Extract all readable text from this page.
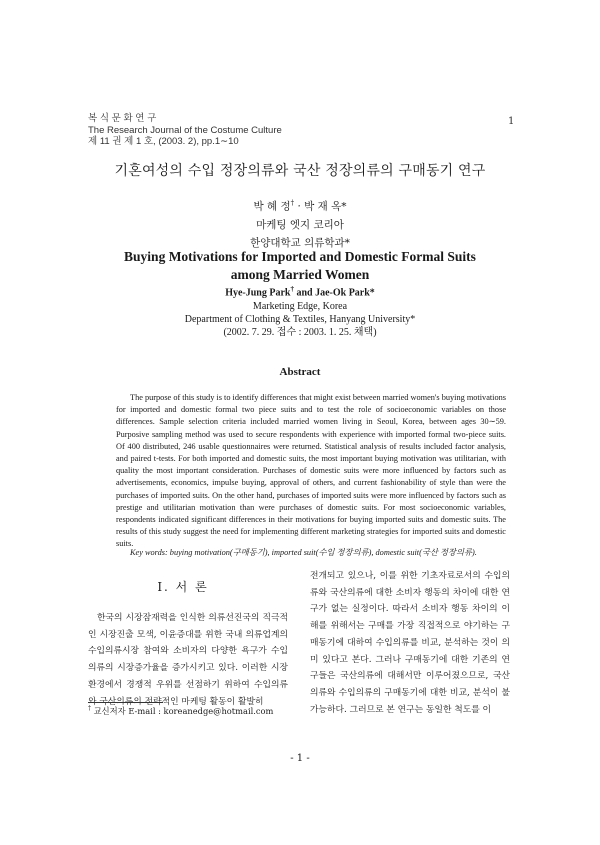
복 식 문 화 연 구
The Research Journal of the Costume Culture
제 11 권 제 1 호, (2003. 2), pp.1∼10
1
기혼여성의 수입 정장의류와 국산 정장의류의 구매동기 연구
박 혜 정† · 박 재 옥*
마케팅 엣지 코리아
한양대학교 의류학과*
Buying Motivations for Imported and Domestic Formal Suits
among Married Women
Hye-Jung Park† and Jae-Ok Park*
Marketing Edge, Korea
Department of Clothing & Textiles, Hanyang University*
(2002. 7. 29. 접수 : 2003. 1. 25. 채택)
Abstract

The purpose of this study is to identify differences that might exist between married women's buying motivations for imported and domestic formal two piece suits and to test the role of socioeconomic variables on those differences. Sample selection criteria included married women living in Seoul, Korea, between ages 30∼59. Purposive sampling method was used to secure respondents with experience with imported formal two-piece suits. Of 400 distributed, 246 usable questionnaires were returned. Statistical analysis of results included factor analysis, and paired t-tests. For both imported and domestic suits, the most important buying motivation was utilitarian, with quality the most important consideration. Purchases of domestic suits were more influenced by factors such as advertisements, economics, impulse buying, approval of others, and current fashionability of style than were the purchases of imported suits. On the other hand, purchases of imported suits were more influenced by factors such as prestige and utilitarian motivation than were purchases of domestic suits. For most socioeconomic variables, respondents indicated significant differences in their motivations for buying imported suits and domestic suits. The results of this study suggest the need for implementing different marketing strategies for imported suits and domestic suits.

Key words: buying motivation(구매동기), imported suit(수입 정장의류), domestic suit(국산 정장의류).

Ⅰ. 서 론

한국의 시장잠재력을 인식한 의류선진국의 직극적인 시장진출 모색, 이윤증대를 위한 국내 의류업계의 수입의류시장 참여와 소비자의 다양한 욕구가 수입의류의 시장증가율을 증가시키고 있다. 이러한 시장환경에서 경쟁적 우위를 선점하기 위하여 수입의류와 국산의류의 전략적인 마케팅 활동이 활발히

전개되고 있으나, 이를 위한 기초자료로서의 수입의류와 국산의류에 대한 소비자 행동의 차이에 대한 연구가 없는 실정이다. 따라서 소비자 행동 차이의 이해를 위해서는 구매를 가장 직접적으로 야기하는 구매동기에 대하여 수입의류를 비교, 분석하는 것이 의미 있다고 본다. 그러나 구매동기에 대한 기존의 연구들은 국산의류에 대해서만 이루어졌으므로, 국산의류와 수입의류의 구매동기에 대한 비교, 분석이 불가능하다. 그러므로 본 연구는 동일한 척도를 이

† 교신저자 E-mail : koreanedge@hotmail.com
- 1 -
